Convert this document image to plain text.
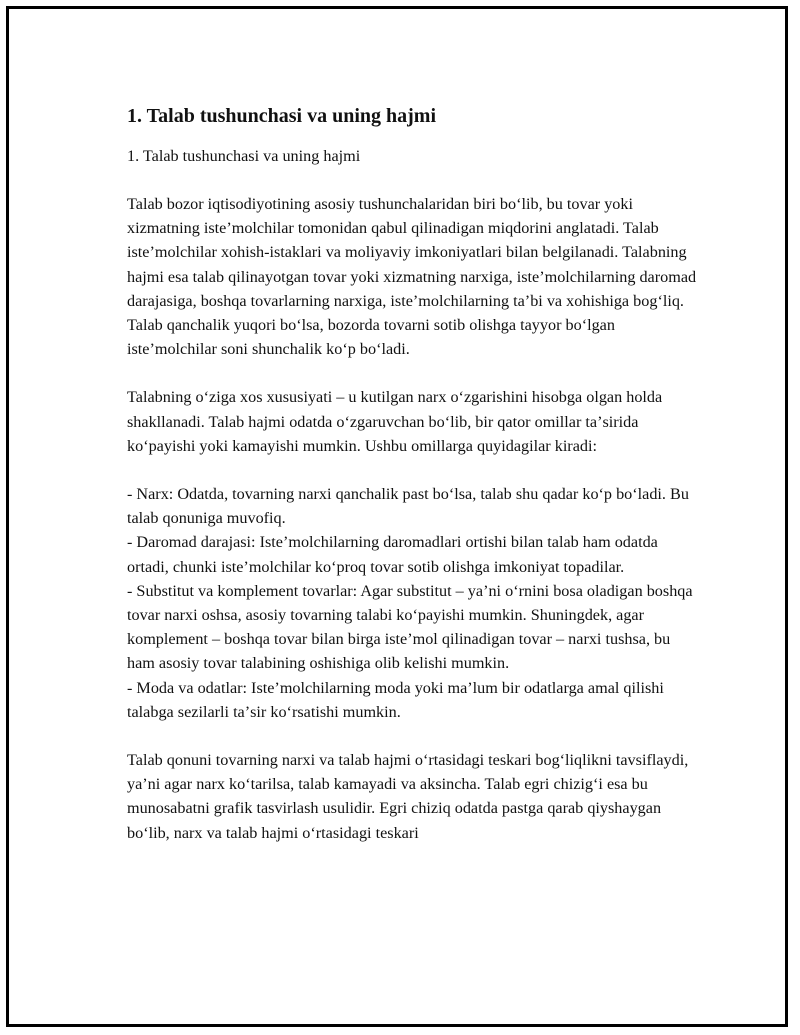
1. Talab tushunchasi va uning hajmi

1. Talab tushunchasi va uning hajmi

Talab bozor iqtisodiyotining asosiy tushunchalaridan biri boʻlib, bu tovar yoki xizmatning isteʼmolchilar tomonidan qabul qilinadigan miqdorini anglatadi. Talab isteʼmolchilar xohish-istaklari va moliyaviy imkoniyatlari bilan belgilanadi. Talabning hajmi esa talab qilinayotgan tovar yoki xizmatning narxiga, isteʼmolchilarning daromad darajasiga, boshqa tovarlarning narxiga, isteʼmolchilarning taʼbi va xohishiga bogʻliq. Talab qanchalik yuqori boʻlsa, bozorda tovarni sotib olishga tayyor boʻlgan isteʼmolchilar soni shunchalik koʻp boʻladi.

Talabning oʻziga xos xususiyati – u kutilgan narx oʻzgarishini hisobga olgan holda shakllanadi. Talab hajmi odatda oʻzgaruvchan boʻlib, bir qator omillar taʼsirida koʻpayishi yoki kamayishi mumkin. Ushbu omillarga quyidagilar kiradi:

- Narx: Odatda, tovarning narxi qanchalik past boʻlsa, talab shu qadar koʻp boʻladi. Bu talab qonuniga muvofiq.
- Daromad darajasi: Isteʼmolchilarning daromadlari ortishi bilan talab ham odatda ortadi, chunki isteʼmolchilar koʻproq tovar sotib olishga imkoniyat topadilar.
- Substitut va komplement tovarlar: Agar substitut – yaʼni oʻrnini bosa oladigan boshqa tovar narxi oshsa, asosiy tovarning talabi koʻpayishi mumkin. Shuningdek, agar komplement – boshqa tovar bilan birga isteʼmol qilinadigan tovar – narxi tushsa, bu ham asosiy tovar talabining oshishiga olib kelishi mumkin.
- Moda va odatlar: Isteʼmolchilarning moda yoki maʼlum bir odatlarga amal qilishi talabga sezilarli taʼsir koʻrsatishi mumkin.

Talab qonuni tovarning narxi va talab hajmi oʻrtasidagi teskari bogʻliqlikni tavsiflaydi, yaʼni agar narx koʻtarilsa, talab kamayadi va aksincha. Talab egri chizigʻi esa bu munosabatni grafik tasvirlash usulidir. Egri chiziq odatda pastga qarab qiyshaygan boʻlib, narx va talab hajmi oʻrtasidagi teskari
